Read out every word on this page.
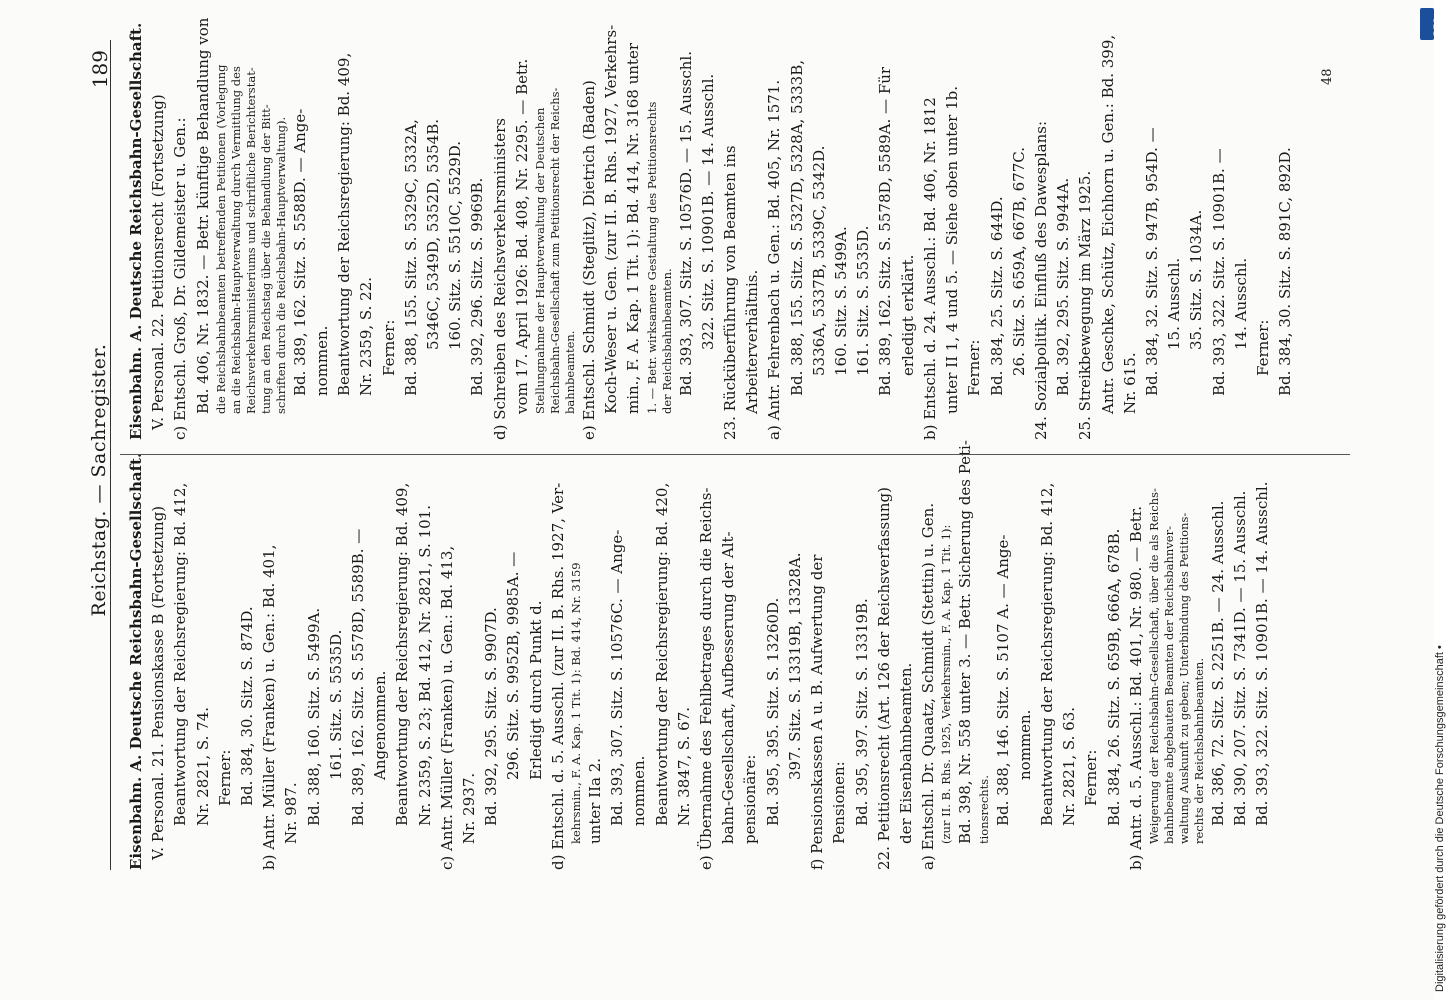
Reichstag. — Sachregister.
189
Eisenbahn. A. Deutsche Reichsbahn-Gesellschaft. V. Personal. 21. Pensionskasse B (Fortsetzung) Beantwortung der Reichsregierung: Bd. 412, Nr. 2821, S. 74. Ferner: Bd. 384, 30. Sitz. S. 874D. b) Antr. Müller (Franken) u. Gen.: Bd. 401, Nr. 987. Bd. 388, 160. Sitz. S. 5499A. 161. Sitz. S. 5535D. Bd. 389, 162. Sitz. S. 5578D, 5589B. — Angenommen. Beantwortung der Reichsregierung: Bd. 409, Nr. 2359, S. 23; Bd. 412, Nr. 2821, S. 101. c) Antr. Müller (Franken) u. Gen.: Bd. 413, Nr. 2937. Bd. 392, 295. Sitz. S. 9907D. 296. Sitz. S. 9952B, 9985A. — Erledigt durch Punkt d. d) Entschl. d. 5. Ausschl. (zur II. B. Rhs. 1927, Ver- kehrsmin., F. A. Kap. 1 Tit. 1): Bd. 414, Nr. 3159 unter IIa 2. Bd. 393, 307. Sitz. S. 10576C. — Ange- nommen. Beantwortung der Reichsregierung: Bd. 420, Nr. 3847, S. 67. e) Übernahme des Fehlbetrages durch die Reichs- bahn-Gesellschaft, Aufbesserung der Alt- pensionäre: Bd. 395, 395. Sitz. S. 13260D. 397. Sitz. S. 13319B, 13328A. f) Pensionskassen A u. B. Aufwertung der Pensionen: Bd. 395, 397. Sitz. S. 13319B. 22. Petitionsrecht (Art. 126 der Reichsverfassung) der Eisenbahnbeamten. a) Entschl. Dr. Quaatz, Schmidt (Stettin) u. Gen. (zur II. B. Rhs. 1925, Verkehrsmin., F. A. Kap. 1 Tit. 1): Bd. 398, Nr. 558 unter 3. — Betr. Sicherung des Peti- tionsrechts. Bd. 388, 146. Sitz. S. 5107 A. — Ange- nommen. Beantwortung der Reichsregierung: Bd. 412, Nr. 2821, S. 63. Ferner: Bd. 384, 26. Sitz. S. 659B, 666A, 678B. b) Antr. d. 5. Ausschl.: Bd. 401, Nr. 980. — Betr. Weigerung der Reichsbahn-Gesellschaft, über die als Reichs- bahnbeamte abgebauten Beamten der Reichsbahnver- waltung Auskunft zu geben; Unterbindung des Petitions- rechts der Reichsbahnbeamten. Bd. 386, 72. Sitz. S. 2251B. — 24. Ausschl. Bd. 390, 207. Sitz. S. 7341D. — 15. Ausschl. Bd. 393, 322. Sitz. S. 10901B. — 14. Ausschl.
Eisenbahn. A. Deutsche Reichsbahn-Gesellschaft. V. Personal. 22. Petitionsrecht (Fortsetzung) c) Entschl. Groß, Dr. Gildemeister u. Gen.: Bd. 406, Nr. 1832. — Betr. künftige Behandlung von die Reichsbahnbeamten betreffenden Petitionen (Vorlegung an die Reichsbahn-Hauptverwaltung durch Vermittlung des Reichsverkehrsministeriums und schriftliche Berichterstat- tung an den Reichstag über die Behandlung der Bitt- schriften durch die Reichsbahn-Hauptverwaltung). Bd. 389, 162. Sitz. S. 5588D. — Ange- nommen. Beantwortung der Reichsregierung: Bd. 409, Nr. 2359, S. 22. Ferner: Bd. 388, 155. Sitz. S. 5329C, 5332A, 5346C, 5349D, 5352D, 5354B. 160. Sitz. S. 5510C, 5529D. Bd. 392, 296. Sitz. S. 9969B. d) Schreiben des Reichsverkehrsministers vom 17. April 1926: Bd. 408, Nr. 2295. — Betr. Stellungnahme der Hauptverwaltung der Deutschen Reichsbahn-Gesellschaft zum Petitionsrecht der Reichs- bahnbeamten. e) Entschl. Schmidt (Steglitz), Dietrich (Baden) Koch-Weser u. Gen. (zur II. B. Rhs. 1927, Verkehrs- min., F. A. Kap. 1 Tit. 1): Bd. 414, Nr. 3168 unter 1. — Betr. wirksamere Gestaltung des Petitionsrechts der Reichsbahnbeamten. Bd. 393, 307. Sitz. S. 10576D. — 15. Ausschl. 322. Sitz. S. 10901B. — 14. Ausschl. 23. Rücküberführung von Beamten ins Arbeiterverhältnis. a) Antr. Fehrenbach u. Gen.: Bd. 405, Nr. 1571. Bd. 388, 155. Sitz. S. 5327D, 5328A, 5333B, 5336A, 5337B, 5339C, 5342D. 160. Sitz. S. 5499A. 161. Sitz. S. 5535D. Bd. 389, 162. Sitz. S. 5578D, 5589A. — Für erledigt erklärt. b) Entschl. d. 24. Ausschl.: Bd. 406, Nr. 1812 unter II 1, 4 und 5. — Siehe oben unter 1b. Ferner: Bd. 384, 25. Sitz. S. 644D. 26. Sitz. S. 659A, 667B, 677C. 24. Sozialpolitik. Einfluß des Dawesplans: Bd. 392, 295. Sitz. S. 9944A. 25. Streikbewegung im März 1925. Antr. Geschke, Schütz, Eichhorn u. Gen.: Bd. 399, Nr. 615. Bd. 384, 32. Sitz. S. 947B, 954D. — 15. Ausschl. 35. Sitz. S. 1034A. Bd. 393, 322. Sitz. S. 10901B. — 14. Ausschl. Ferner: Bd. 384, 30. Sitz. S. 891C, 892D.
48
Digitalisierung gefördert durch die Deutsche Forschungsgemeinschaft •
DFG
